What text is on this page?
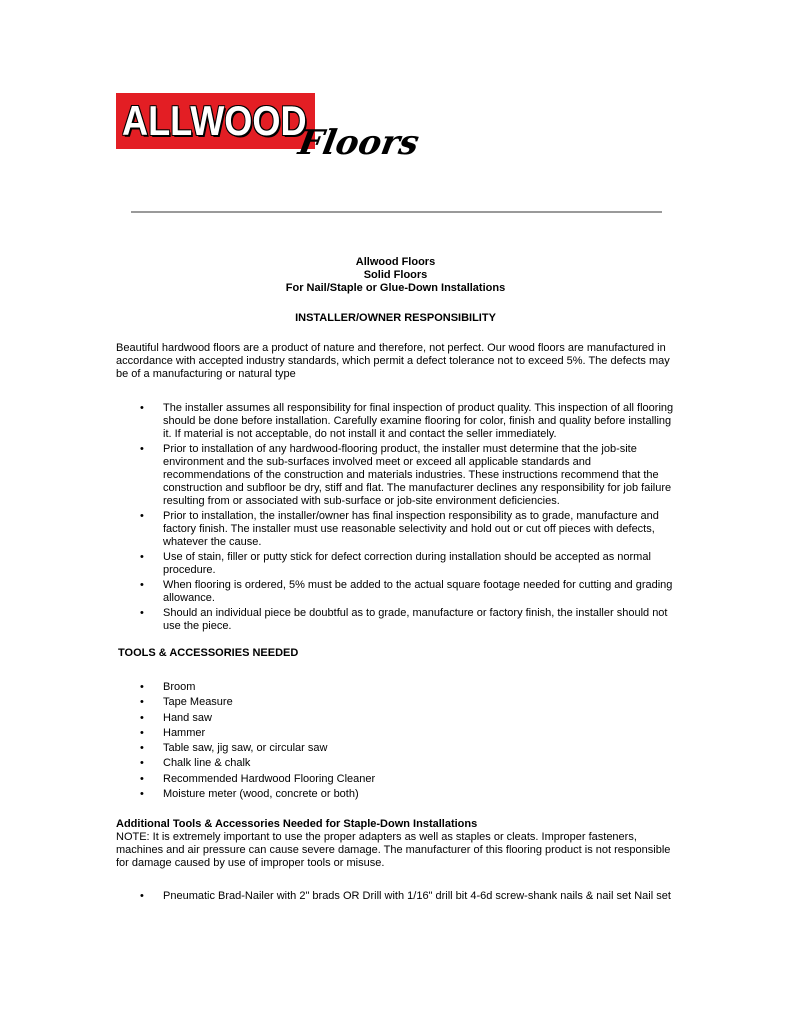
ALLWOOD
Floors
Allwood Floors
Solid Floors
For Nail/Staple or Glue-Down Installations
INSTALLER/OWNER RESPONSIBILITY
Beautiful hardwood floors are a product of nature and therefore, not perfect. Our wood floors are manufactured in accordance with accepted industry standards, which permit a defect tolerance not to exceed 5%. The defects may be of a manufacturing or natural type
• The installer assumes all responsibility for final inspection of product quality. This inspection of all flooring should be done before installation. Carefully examine flooring for color, finish and quality before installing it. If material is not acceptable, do not install it and contact the seller immediately.
• Prior to installation of any hardwood-flooring product, the installer must determine that the job-site environment and the sub-surfaces involved meet or exceed all applicable standards and recommendations of the construction and materials industries. These instructions recommend that the construction and subfloor be dry, stiff and flat. The manufacturer declines any responsibility for job failure resulting from or associated with sub-surface or job-site environment deficiencies.
• Prior to installation, the installer/owner has final inspection responsibility as to grade, manufacture and factory finish. The installer must use reasonable selectivity and hold out or cut off pieces with defects, whatever the cause.
• Use of stain, filler or putty stick for defect correction during installation should be accepted as normal procedure.
• When flooring is ordered, 5% must be added to the actual square footage needed for cutting and grading allowance.
• Should an individual piece be doubtful as to grade, manufacture or factory finish, the installer should not use the piece.
TOOLS & ACCESSORIES NEEDED
• Broom
• Tape Measure
• Hand saw
• Hammer
• Table saw, jig saw, or circular saw
• Chalk line & chalk
• Recommended Hardwood Flooring Cleaner
• Moisture meter (wood, concrete or both)
Additional Tools & Accessories Needed for Staple-Down Installations
NOTE: It is extremely important to use the proper adapters as well as staples or cleats. Improper fasteners, machines and air pressure can cause severe damage. The manufacturer of this flooring product is not responsible for damage caused by use of improper tools or misuse.
• Pneumatic Brad-Nailer with 2" brads OR Drill with 1/16" drill bit 4-6d screw-shank nails & nail set Nail set
